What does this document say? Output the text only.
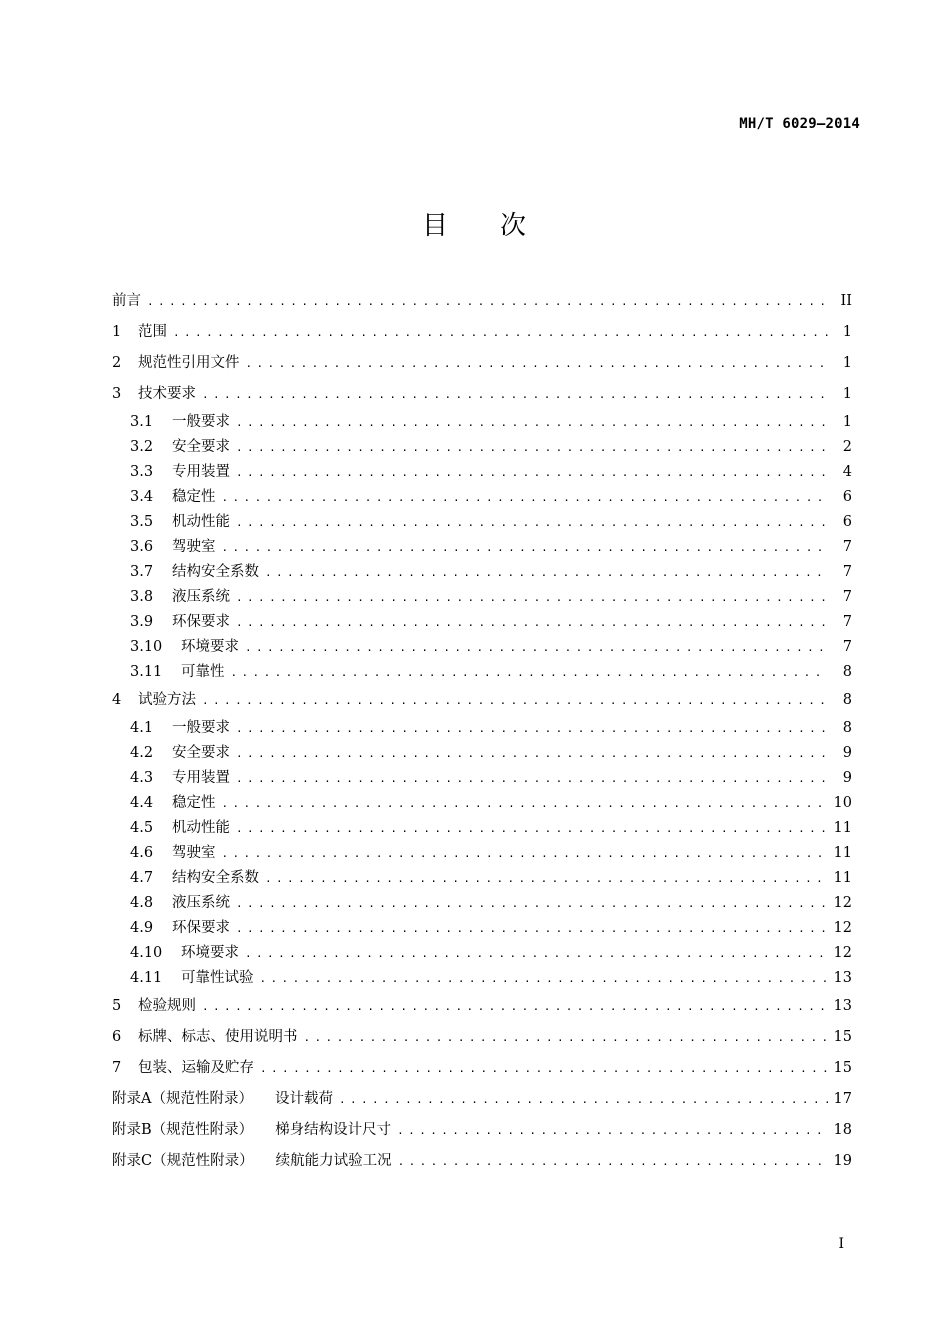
MH/T 6029—2014
目 次
前言 .....	II
1	范围 .....	1
2	规范性引用文件 .....	1
3	技术要求 .....	1
3.1	一般要求 .....	1
3.2	安全要求 .....	2
3.3	专用装置 .....	4
3.4	稳定性 .....	6
3.5	机动性能 .....	6
3.6	驾驶室 .....	7
3.7	结构安全系数 .....	7
3.8	液压系统 .....	7
3.9	环保要求 .....	7
3.10	环境要求 .....	7
3.11	可靠性 .....	8
4	试验方法 .....	8
4.1	一般要求 .....	8
4.2	安全要求 .....	9
4.3	专用装置 .....	9
4.4	稳定性 .....	10
4.5	机动性能 .....	11
4.6	驾驶室 .....	11
4.7	结构安全系数 .....	11
4.8	液压系统 .....	12
4.9	环保要求 .....	12
4.10	环境要求 .....	12
4.11	可靠性试验 .....	13
5	检验规则 .....	13
6	标牌、标志、使用说明书 .....	15
7	包装、运输及贮存 .....	15
附录A（规范性附录） 设计载荷 .....	17
附录B（规范性附录） 梯身结构设计尺寸 .....	18
附录C（规范性附录） 续航能力试验工况 .....	19
I
